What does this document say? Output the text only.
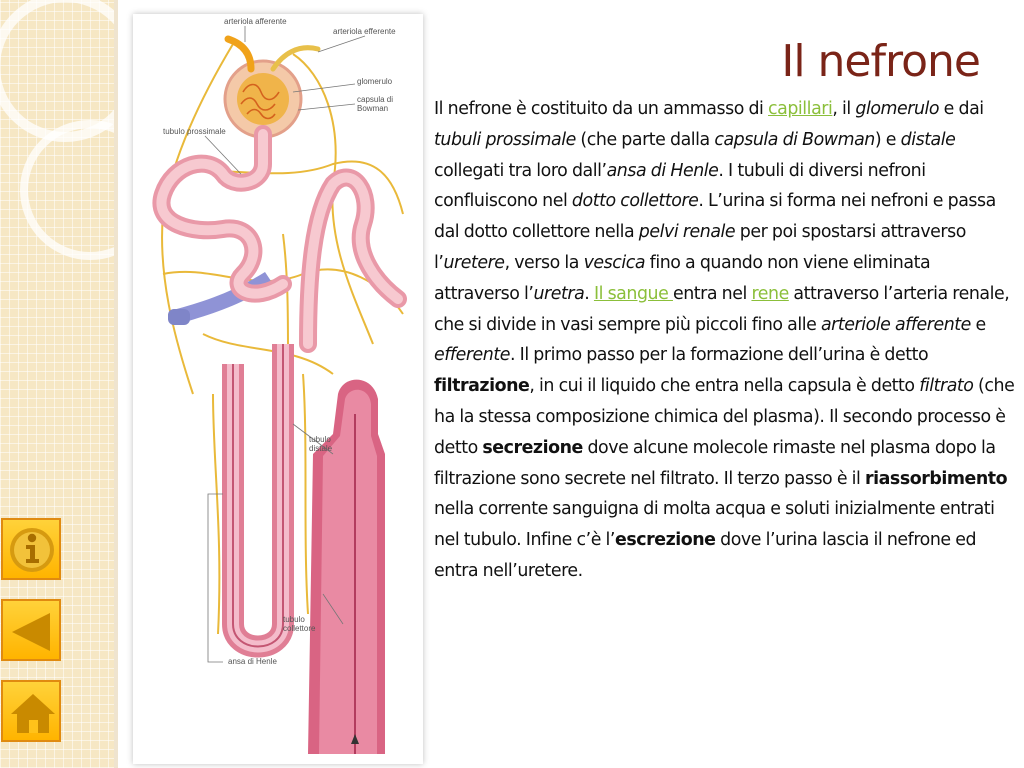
arteriola afferente
arteriola efferente
glomerulo
capsula di
Bowman
tubulo prossimale
tubulo
distale
tubulo
collettore
ansa di Henle
Il nefrone
Il nefrone è costituito da un ammasso di capillari, il glomerulo e dai tubuli prossimale (che parte dalla capsula di Bowman) e distale collegati tra loro dall’ansa di Henle. I tubuli di diversi nefroni confluiscono nel dotto collettore. L’urina si forma nei nefroni e passa dal dotto collettore nella pelvi renale per poi spostarsi attraverso l’uretere, verso la vescica fino a quando non viene eliminata attraverso l’uretra. Il sangue entra nel rene attraverso l’arteria renale, che si divide in vasi sempre più piccoli fino alle arteriole afferente e efferente. Il primo passo per la formazione dell’urina è detto filtrazione, in cui il liquido che entra nella capsula è detto filtrato (che ha la stessa composizione chimica del plasma). Il secondo processo è detto secrezione dove alcune molecole rimaste nel plasma dopo la filtrazione sono secrete nel filtrato. Il terzo passo è il riassorbimento nella corrente sanguigna di molta acqua e soluti inizialmente entrati nel tubulo. Infine c’è l’escrezione dove l’urina lascia il nefrone ed entra nell’uretere.
